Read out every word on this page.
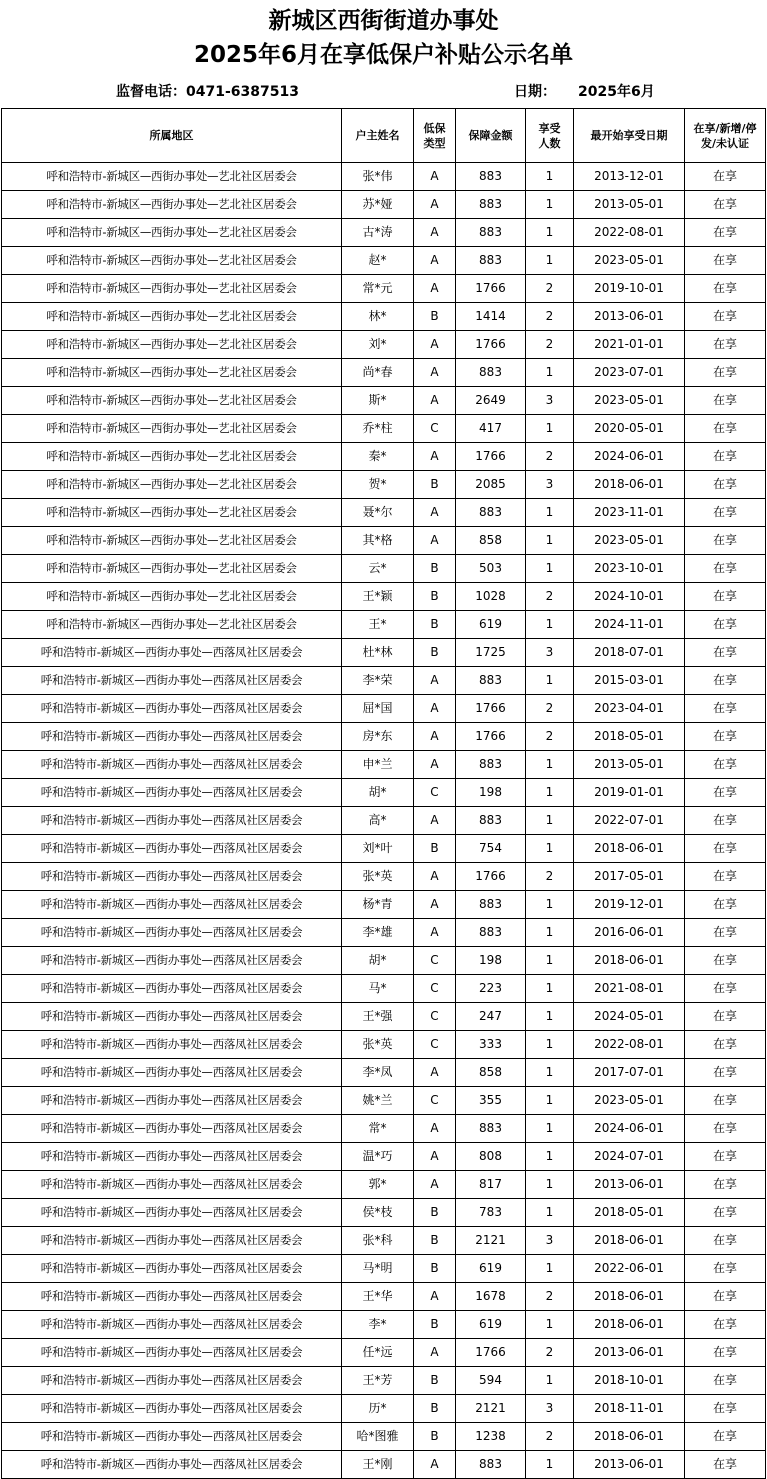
新城区西街街道办事处
2025年6月在享低保户补贴公示名单
监督电话：0471-6387513	日期： 2025年6月
所属地区	户主姓名	低保类型	保障金额	享受人数	最开始享受日期	在享/新增/停发/未认证
呼和浩特市-新城区—西街办事处—艺北社区居委会	张*伟	A	883	1	2013-12-01	在享
呼和浩特市-新城区—西街办事处—艺北社区居委会	苏*娅	A	883	1	2013-05-01	在享
呼和浩特市-新城区—西街办事处—艺北社区居委会	古*涛	A	883	1	2022-08-01	在享
呼和浩特市-新城区—西街办事处—艺北社区居委会	赵*	A	883	1	2023-05-01	在享
呼和浩特市-新城区—西街办事处—艺北社区居委会	常*元	A	1766	2	2019-10-01	在享
呼和浩特市-新城区—西街办事处—艺北社区居委会	林*	B	1414	2	2013-06-01	在享
呼和浩特市-新城区—西街办事处—艺北社区居委会	刘*	A	1766	2	2021-01-01	在享
呼和浩特市-新城区—西街办事处—艺北社区居委会	尚*春	A	883	1	2023-07-01	在享
呼和浩特市-新城区—西街办事处—艺北社区居委会	斯*	A	2649	3	2023-05-01	在享
呼和浩特市-新城区—西街办事处—艺北社区居委会	乔*柱	C	417	1	2020-05-01	在享
呼和浩特市-新城区—西街办事处—艺北社区居委会	秦*	A	1766	2	2024-06-01	在享
呼和浩特市-新城区—西街办事处—艺北社区居委会	贺*	B	2085	3	2018-06-01	在享
呼和浩特市-新城区—西街办事处—艺北社区居委会	聂*尔	A	883	1	2023-11-01	在享
呼和浩特市-新城区—西街办事处—艺北社区居委会	其*格	A	858	1	2023-05-01	在享
呼和浩特市-新城区—西街办事处—艺北社区居委会	云*	B	503	1	2023-10-01	在享
呼和浩特市-新城区—西街办事处—艺北社区居委会	王*颖	B	1028	2	2024-10-01	在享
呼和浩特市-新城区—西街办事处—艺北社区居委会	王*	B	619	1	2024-11-01	在享
呼和浩特市-新城区—西街办事处—西落凤社区居委会	杜*林	B	1725	3	2018-07-01	在享
呼和浩特市-新城区—西街办事处—西落凤社区居委会	李*荣	A	883	1	2015-03-01	在享
呼和浩特市-新城区—西街办事处—西落凤社区居委会	屈*国	A	1766	2	2023-04-01	在享
呼和浩特市-新城区—西街办事处—西落凤社区居委会	房*东	A	1766	2	2018-05-01	在享
呼和浩特市-新城区—西街办事处—西落凤社区居委会	申*兰	A	883	1	2013-05-01	在享
呼和浩特市-新城区—西街办事处—西落凤社区居委会	胡*	C	198	1	2019-01-01	在享
呼和浩特市-新城区—西街办事处—西落凤社区居委会	高*	A	883	1	2022-07-01	在享
呼和浩特市-新城区—西街办事处—西落凤社区居委会	刘*叶	B	754	1	2018-06-01	在享
呼和浩特市-新城区—西街办事处—西落凤社区居委会	张*英	A	1766	2	2017-05-01	在享
呼和浩特市-新城区—西街办事处—西落凤社区居委会	杨*青	A	883	1	2019-12-01	在享
呼和浩特市-新城区—西街办事处—西落凤社区居委会	李*雄	A	883	1	2016-06-01	在享
呼和浩特市-新城区—西街办事处—西落凤社区居委会	胡*	C	198	1	2018-06-01	在享
呼和浩特市-新城区—西街办事处—西落凤社区居委会	马*	C	223	1	2021-08-01	在享
呼和浩特市-新城区—西街办事处—西落凤社区居委会	王*强	C	247	1	2024-05-01	在享
呼和浩特市-新城区—西街办事处—西落凤社区居委会	张*英	C	333	1	2022-08-01	在享
呼和浩特市-新城区—西街办事处—西落凤社区居委会	李*凤	A	858	1	2017-07-01	在享
呼和浩特市-新城区—西街办事处—西落凤社区居委会	姚*兰	C	355	1	2023-05-01	在享
呼和浩特市-新城区—西街办事处—西落凤社区居委会	常*	A	883	1	2024-06-01	在享
呼和浩特市-新城区—西街办事处—西落凤社区居委会	温*巧	A	808	1	2024-07-01	在享
呼和浩特市-新城区—西街办事处—西落凤社区居委会	郭*	A	817	1	2013-06-01	在享
呼和浩特市-新城区—西街办事处—西落凤社区居委会	侯*枝	B	783	1	2018-05-01	在享
呼和浩特市-新城区—西街办事处—西落凤社区居委会	张*科	B	2121	3	2018-06-01	在享
呼和浩特市-新城区—西街办事处—西落凤社区居委会	马*明	B	619	1	2022-06-01	在享
呼和浩特市-新城区—西街办事处—西落凤社区居委会	王*华	A	1678	2	2018-06-01	在享
呼和浩特市-新城区—西街办事处—西落凤社区居委会	李*	B	619	1	2018-06-01	在享
呼和浩特市-新城区—西街办事处—西落凤社区居委会	任*远	A	1766	2	2013-06-01	在享
呼和浩特市-新城区—西街办事处—西落凤社区居委会	王*芳	B	594	1	2018-10-01	在享
呼和浩特市-新城区—西街办事处—西落凤社区居委会	历*	B	2121	3	2018-11-01	在享
呼和浩特市-新城区—西街办事处—西落凤社区居委会	哈*图雅	B	1238	2	2018-06-01	在享
呼和浩特市-新城区—西街办事处—西落凤社区居委会	王*刚	A	883	1	2013-06-01	在享
